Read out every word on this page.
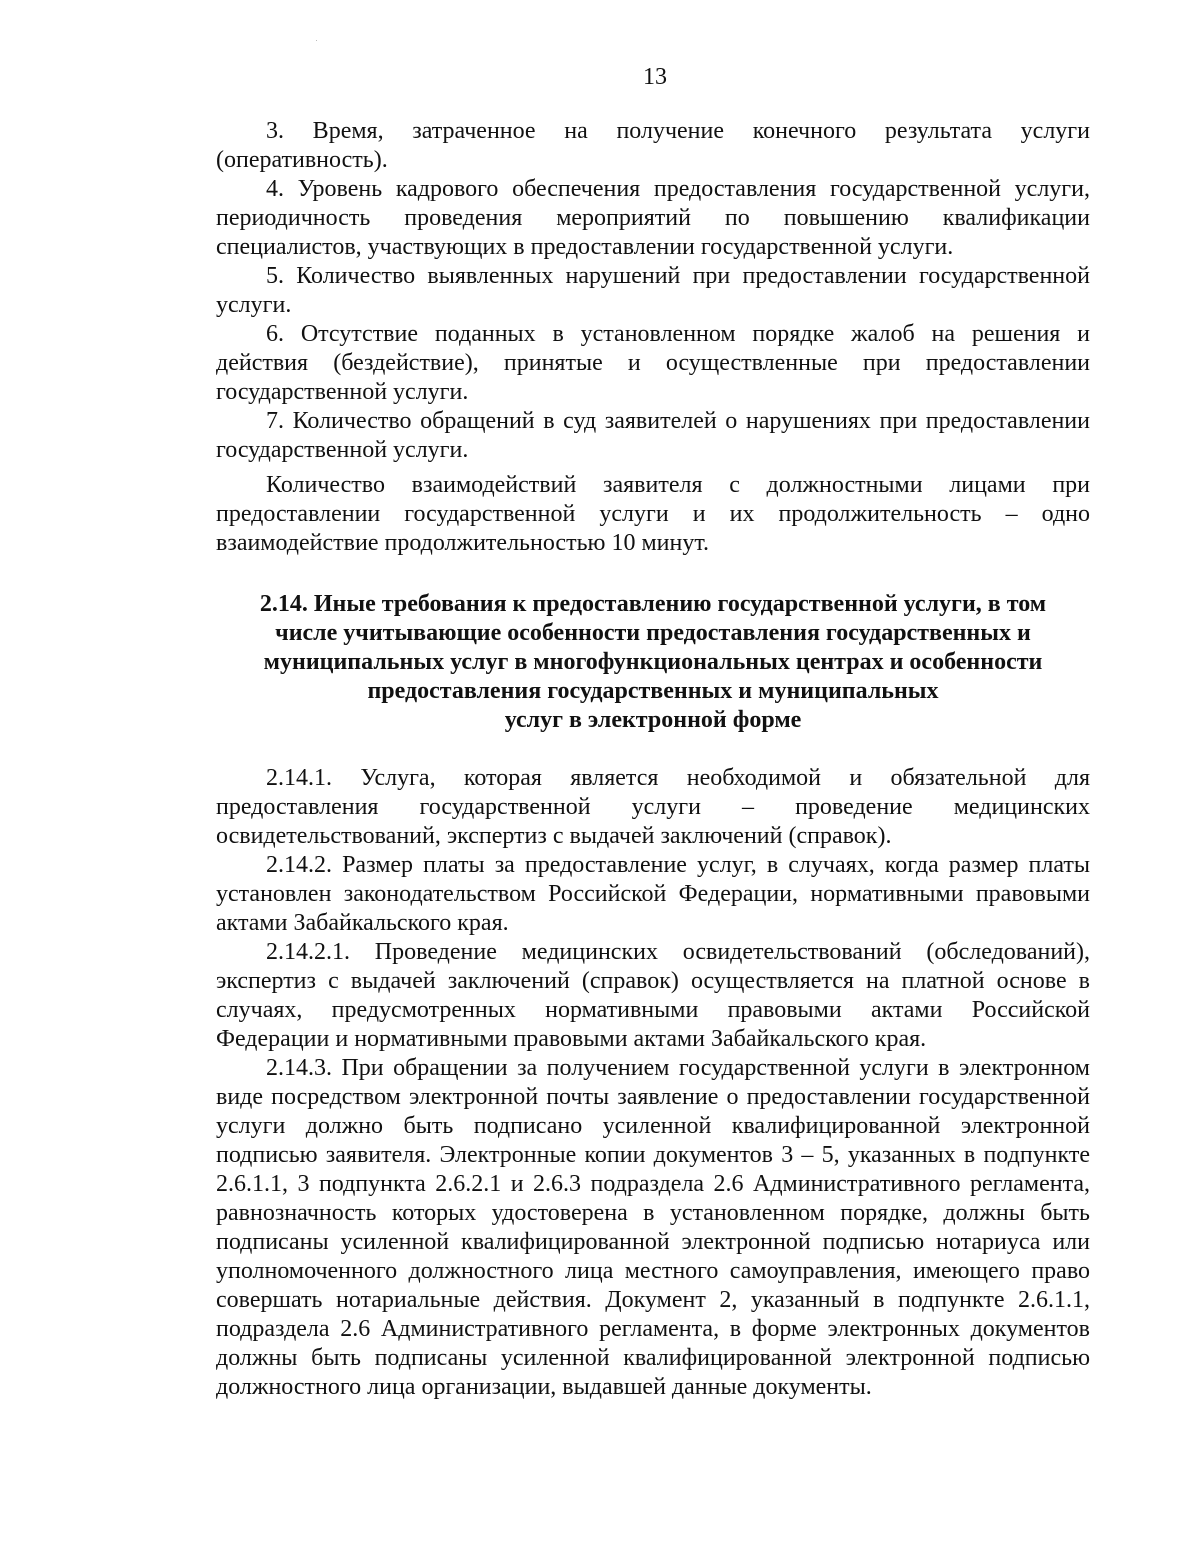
13

3. Время, затраченное на получение конечного результата услуги (оперативность).

4. Уровень кадрового обеспечения предоставления государственной услуги, периодичность проведения мероприятий по повышению квалификации специалистов, участвующих в предоставлении государственной услуги.

5. Количество выявленных нарушений при предоставлении государственной услуги.

6. Отсутствие поданных в установленном порядке жалоб на решения и действия (бездействие), принятые и осуществленные при предоставлении государственной услуги.

7. Количество обращений в суд заявителей о нарушениях при предоставлении государственной услуги.

Количество взаимодействий заявителя с должностными лицами при предоставлении государственной услуги и их продолжительность – одно взаимодействие продолжительностью 10 минут.

2.14. Иные требования к предоставлению государственной услуги, в том
числе учитывающие особенности предоставления государственных и
муниципальных услуг в многофункциональных центрах и особенности
предоставления государственных и муниципальных
услуг в электронной форме

2.14.1. Услуга, которая является необходимой и обязательной для предоставления государственной услуги – проведение медицинских освидетельствований, экспертиз с выдачей заключений (справок).

2.14.2. Размер платы за предоставление услуг, в случаях, когда размер платы установлен законодательством Российской Федерации, нормативными правовыми актами Забайкальского края.

2.14.2.1. Проведение медицинских освидетельствований (обследований), экспертиз с выдачей заключений (справок) осуществляется на платной основе в случаях, предусмотренных нормативными правовыми актами Российской Федерации и нормативными правовыми актами Забайкальского края.

2.14.3. При обращении за получением государственной услуги в электронном виде посредством электронной почты заявление о предоставлении государственной услуги должно быть подписано усиленной квалифицированной электронной подписью заявителя. Электронные копии документов 3 – 5, указанных в подпункте 2.6.1.1, 3 подпункта 2.6.2.1 и 2.6.3 подраздела 2.6 Административного регламента, равнозначность которых удостоверена в установленном порядке, должны быть подписаны усиленной квалифицированной электронной подписью нотариуса или уполномоченного должностного лица местного самоуправления, имеющего право совершать нотариальные действия. Документ 2, указанный в подпункте 2.6.1.1, подраздела 2.6 Административного регламента, в форме электронных документов должны быть подписаны усиленной квалифицированной электронной подписью должностного лица организации, выдавшей данные документы.
